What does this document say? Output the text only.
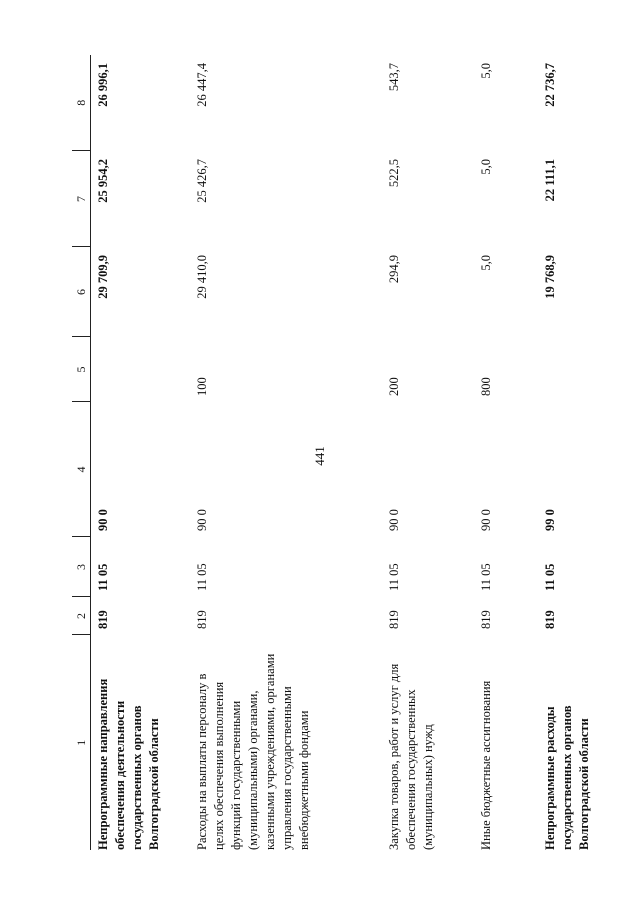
441
1	2	3	4	5	6	7	8
Непрограммные направления обеспечения деятельности государственных органов Волгоградской области	819	11 05	90 0		29 709,9	25 954,2	26 996,1
Расходы на выплаты персоналу в целях обеспечения выполнения функций государственными (муниципальными) органами, казенными учреждениями, органами управления государственными внебюджетными фондами	819	11 05	90 0	100	29 410,0	25 426,7	26 447,4
Закупка товаров, работ и услуг для обеспечения государственных (муниципальных) нужд	819	11 05	90 0	200	294,9	522,5	543,7
Иные бюджетные ассигнования	819	11 05	90 0	800	5,0	5,0	5,0
Непрограммные расходы государственных органов Волгоградской области	819	11 05	99 0		19 768,9	22 111,1	22 736,7
